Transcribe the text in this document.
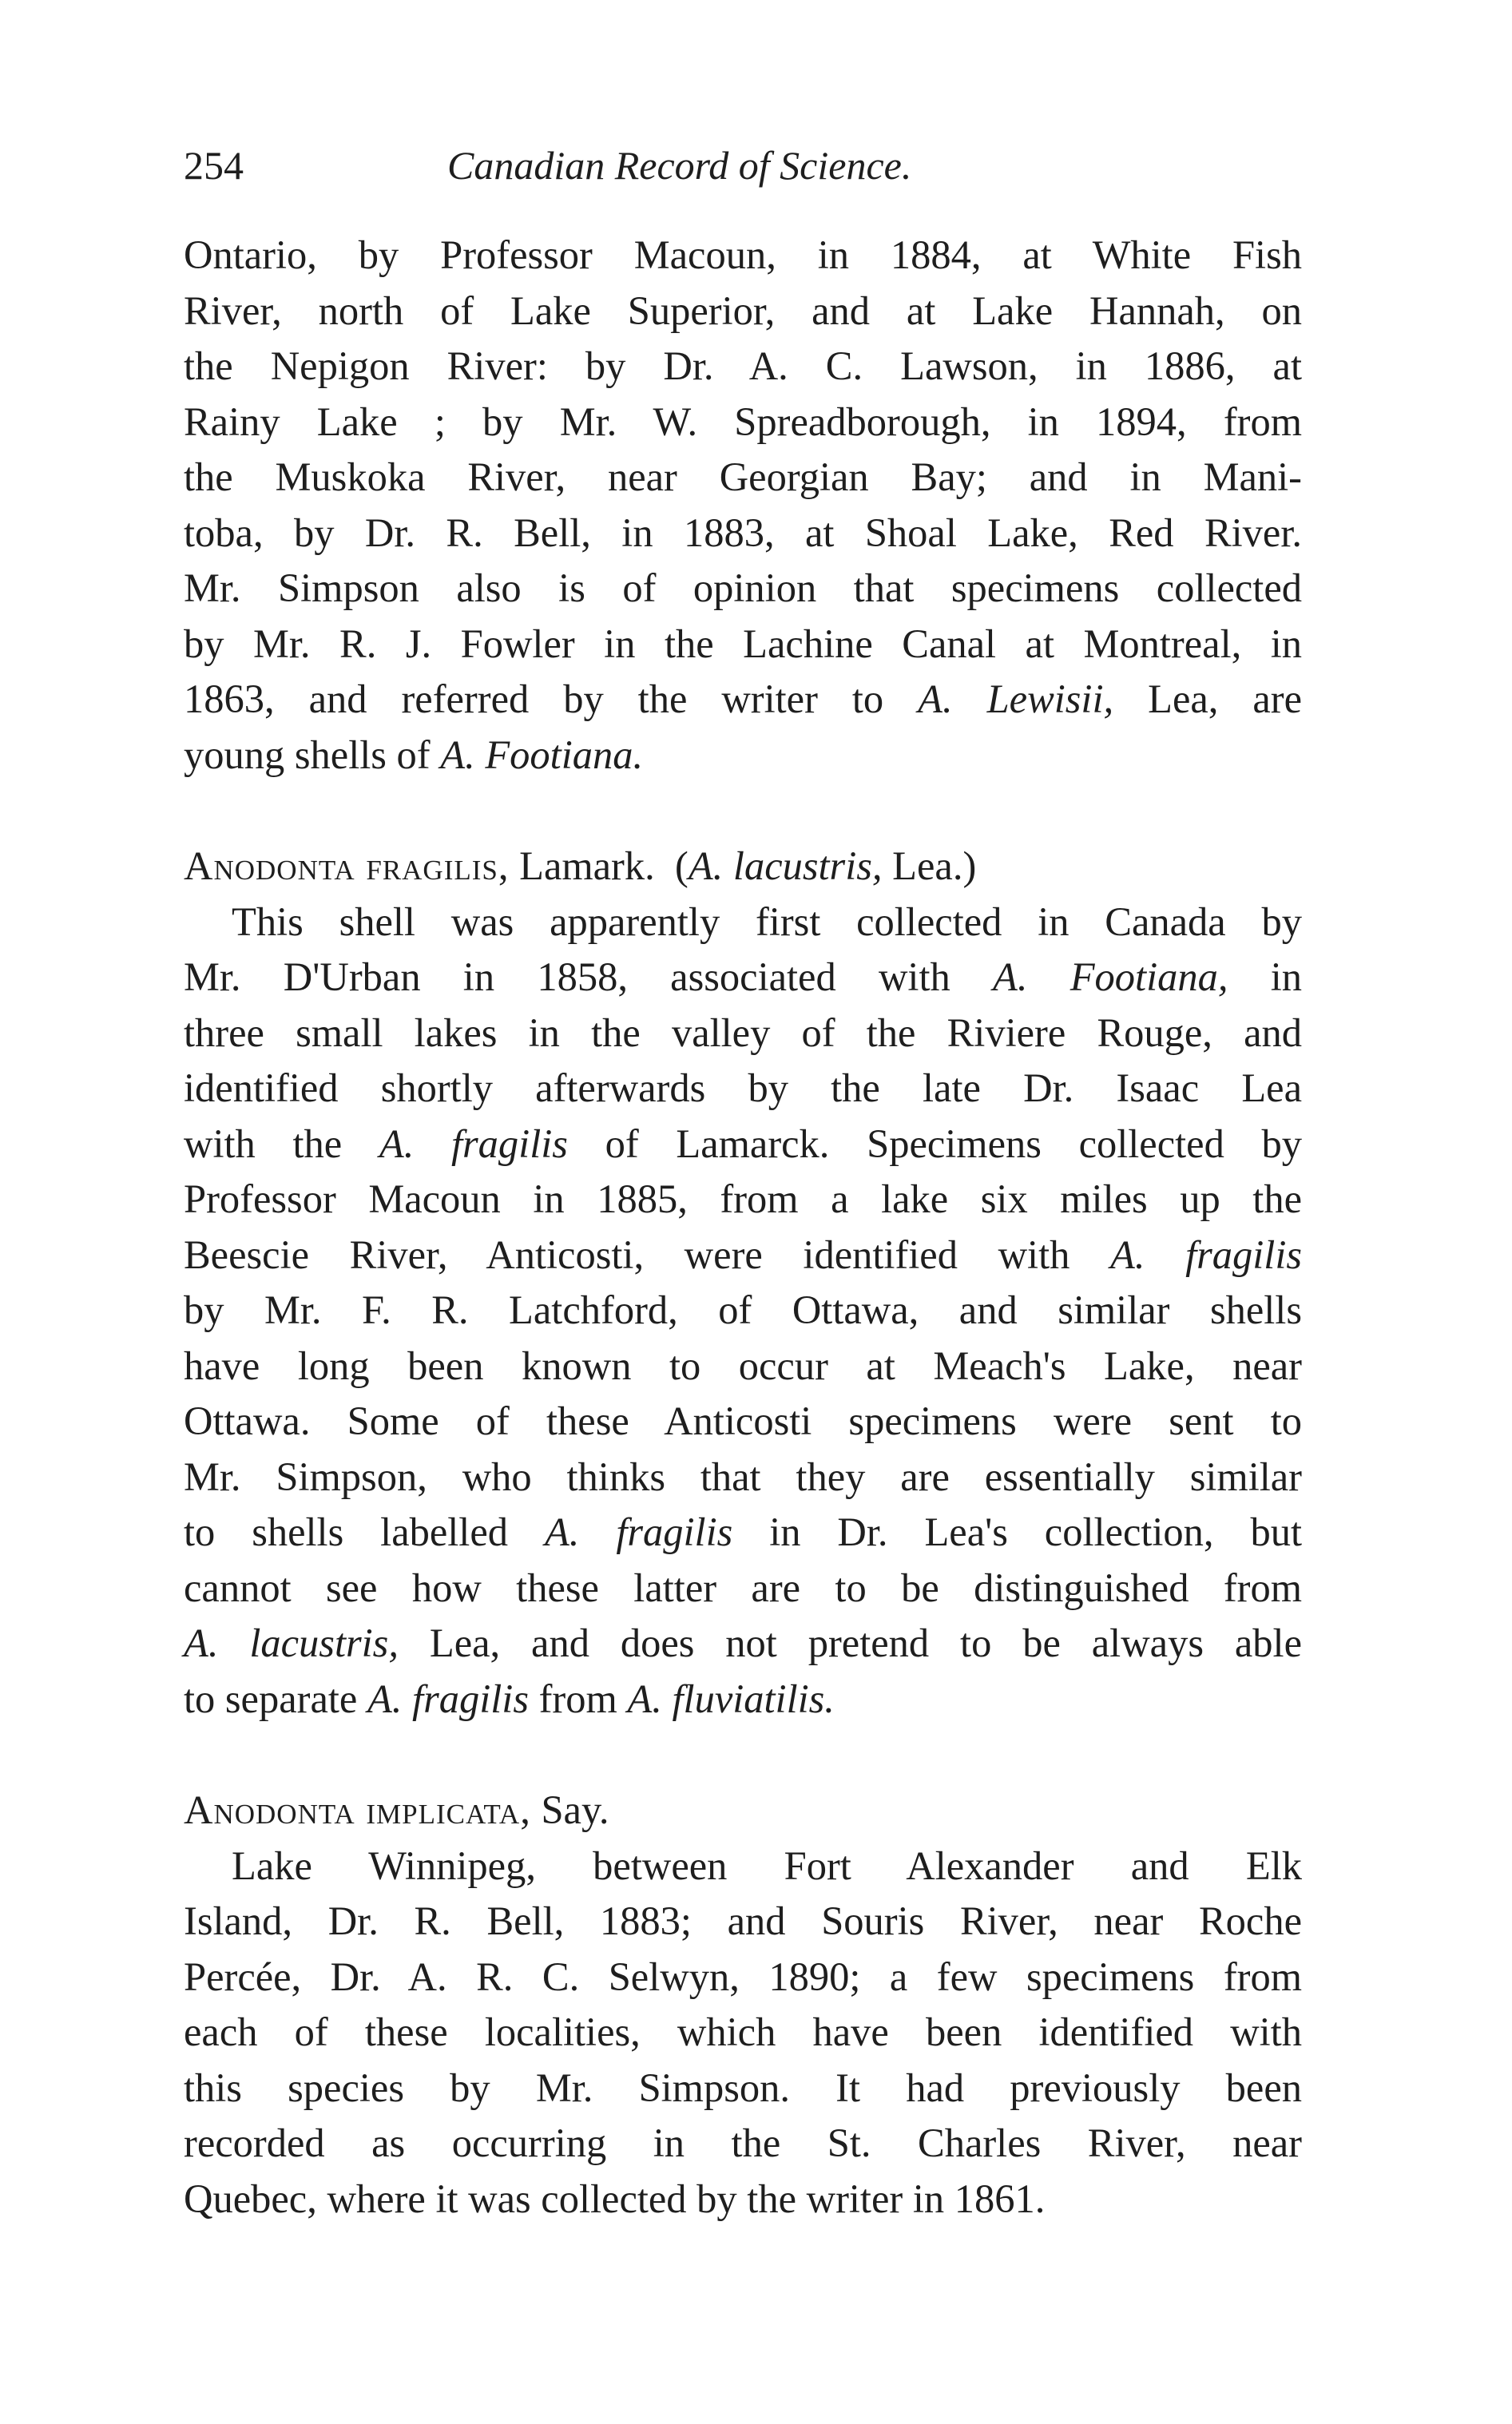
254	Canadian Record of Science.
Ontario, by Professor Macoun, in 1884, at White Fish
River, north of Lake Superior, and at Lake Hannah, on
the Nepigon River: by Dr. A. C. Lawson, in 1886, at
Rainy Lake ; by Mr. W. Spreadborough, in 1894, from
the Muskoka River, near Georgian Bay; and in Mani-
toba, by Dr. R. Bell, in 1883, at Shoal Lake, Red River.
Mr. Simpson also is of opinion that specimens collected
by Mr. R. J. Fowler in the Lachine Canal at Montreal, in
1863, and referred by the writer to A. Lewisii, Lea, are
young shells of A. Footiana.
Anodonta fragilis, Lamark. (A. lacustris, Lea.)
This shell was apparently first collected in Canada by
Mr. D'Urban in 1858, associated with A. Footiana, in
three small lakes in the valley of the Riviere Rouge, and
identified shortly afterwards by the late Dr. Isaac Lea
with the A. fragilis of Lamarck. Specimens collected by
Professor Macoun in 1885, from a lake six miles up the
Beescie River, Anticosti, were identified with A. fragilis
by Mr. F. R. Latchford, of Ottawa, and similar shells
have long been known to occur at Meach's Lake, near
Ottawa. Some of these Anticosti specimens were sent to
Mr. Simpson, who thinks that they are essentially similar
to shells labelled A. fragilis in Dr. Lea's collection, but
cannot see how these latter are to be distinguished from
A. lacustris, Lea, and does not pretend to be always able
to separate A. fragilis from A. fluviatilis.
Anodonta implicata, Say.
Lake Winnipeg, between Fort Alexander and Elk
Island, Dr. R. Bell, 1883; and Souris River, near Roche
Percée, Dr. A. R. C. Selwyn, 1890; a few specimens from
each of these localities, which have been identified with
this species by Mr. Simpson. It had previously been
recorded as occurring in the St. Charles River, near
Quebec, where it was collected by the writer in 1861.
